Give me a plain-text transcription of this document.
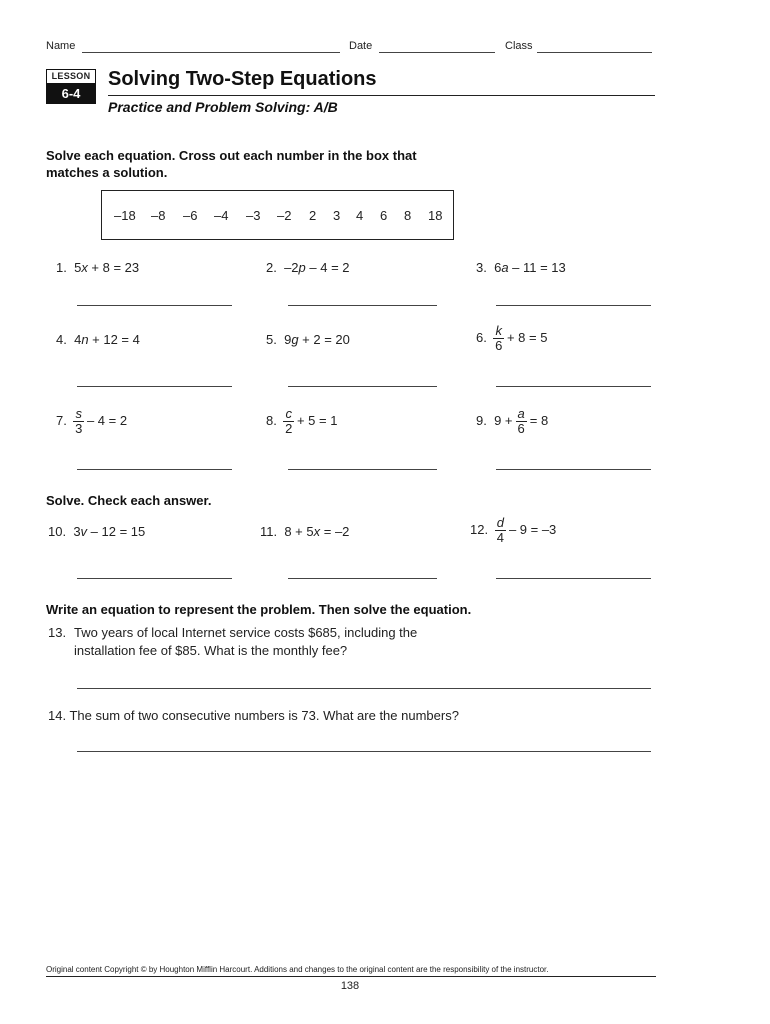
Name	Date	Class
LESSON
6-4
Solving Two-Step Equations
Practice and Problem Solving: A/B
Solve each equation. Cross out each number in the box that
matches a solution.
–18 –8 –6 –4 –3 –2 2 3 4 6 8 18
1. 5x + 8 = 23	2. –2p – 4 = 2	3. 6a – 11 = 13
4. 4n + 12 = 4	5. 9g + 2 = 20	6. $\frac{k}{6} + 8 = 5$
7. $\frac{s}{3} - 4 = 2$	8. $\frac{c}{2} + 5 = 1$	9. $9 + \frac{a}{6} = 8$
Solve. Check each answer.
10. 3v – 12 = 15	11. 8 + 5x = –2	12. $\frac{d}{4} - 9 = -3$
Write an equation to represent the problem. Then solve the equation.
13. Two years of local Internet service costs $685, including the
installation fee of $85. What is the monthly fee?
14. The sum of two consecutive numbers is 73. What are the numbers?
Original content Copyright © by Houghton Mifflin Harcourt. Additions and changes to the original content are the responsibility of the instructor.
138
